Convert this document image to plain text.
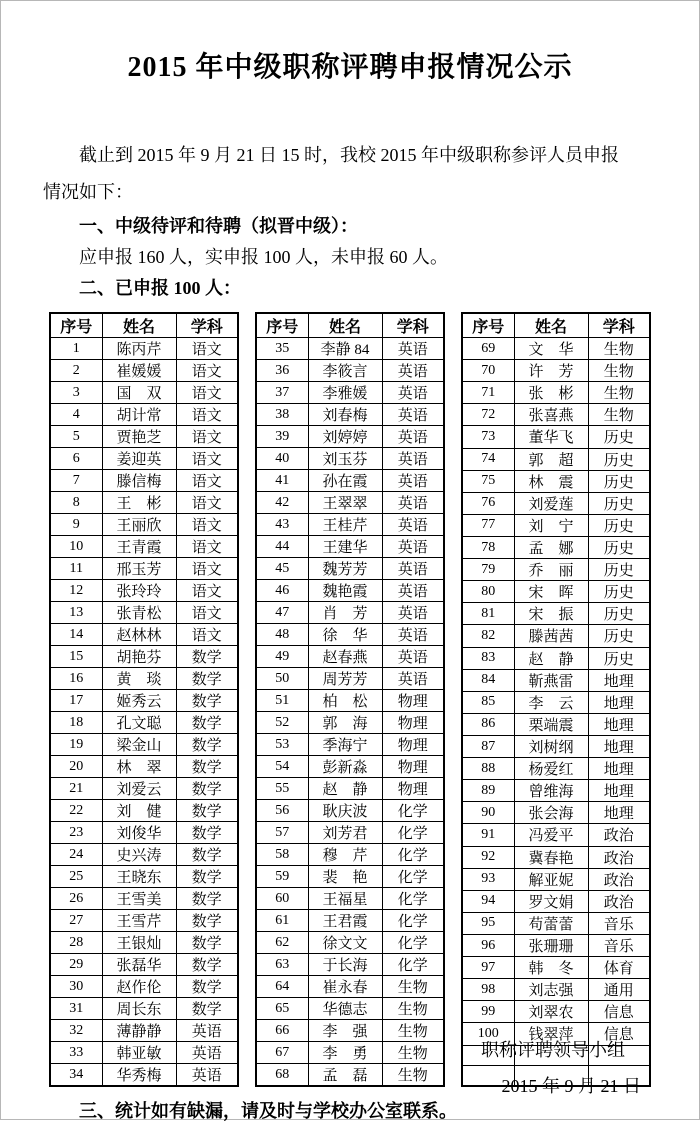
2015 年中级职称评聘申报情况公示
截止到 2015 年 9 月 21 日 15 时，我校 2015 年中级职称参评人员申报
情况如下：
一、中级待评和待聘（拟晋中级）：
应申报 160 人，实申报 100 人，未申报 60 人。
二、已申报 100 人：
序号	姓名	学科
1	陈丙芹	语文
2	崔媛媛	语文
3	国　双	语文
4	胡计常	语文
5	贾艳芝	语文
6	姜迎英	语文
7	滕信梅	语文
8	王　彬	语文
9	王丽欣	语文
10	王青霞	语文
11	邢玉芳	语文
12	张玲玲	语文
13	张青松	语文
14	赵林林	语文
15	胡艳芬	数学
16	黄　琰	数学
17	姬秀云	数学
18	孔文聪	数学
19	梁金山	数学
20	林　翠	数学
21	刘爱云	数学
22	刘　健	数学
23	刘俊华	数学
24	史兴涛	数学
25	王晓东	数学
26	王雪美	数学
27	王雪芹	数学
28	王银灿	数学
29	张磊华	数学
30	赵作伦	数学
31	周长东	数学
32	薄静静	英语
33	韩亚敏	英语
34	华秀梅	英语
序号	姓名	学科
35	李静 84	英语
36	李筱言	英语
37	李雅媛	英语
38	刘春梅	英语
39	刘婷婷	英语
40	刘玉芬	英语
41	孙在霞	英语
42	王翠翠	英语
43	王桂芹	英语
44	王建华	英语
45	魏芳芳	英语
46	魏艳霞	英语
47	肖　芳	英语
48	徐　华	英语
49	赵春燕	英语
50	周芳芳	英语
51	柏　松	物理
52	郭　海	物理
53	季海宁	物理
54	彭新淼	物理
55	赵　静	物理
56	耿庆波	化学
57	刘芳君	化学
58	穆　芹	化学
59	裴　艳	化学
60	王福星	化学
61	王君霞	化学
62	徐文文	化学
63	于长海	化学
64	崔永春	生物
65	华德志	生物
66	李　强	生物
67	李　勇	生物
68	孟　磊	生物
序号	姓名	学科
69	文　华	生物
70	许　芳	生物
71	张　彬	生物
72	张喜燕	生物
73	董华飞	历史
74	郭　超	历史
75	林　震	历史
76	刘爱莲	历史
77	刘　宁	历史
78	孟　娜	历史
79	乔　丽	历史
80	宋　晖	历史
81	宋　振	历史
82	滕茜茜	历史
83	赵　静	历史
84	靳燕雷	地理
85	李　云	地理
86	栗端震	地理
87	刘树纲	地理
88	杨爱红	地理
89	曾维海	地理
90	张会海	地理
91	冯爱平	政治
92	冀春艳	政治
93	解亚妮	政治
94	罗文娟	政治
95	苟蕾蕾	音乐
96	张珊珊	音乐
97	韩　冬	体育
98	刘志强	通用
99	刘翠农	信息
100	钱翠萍	信息

三、统计如有缺漏，请及时与学校办公室联系。
职称评聘领导小组
2015 年 9 月 21 日
